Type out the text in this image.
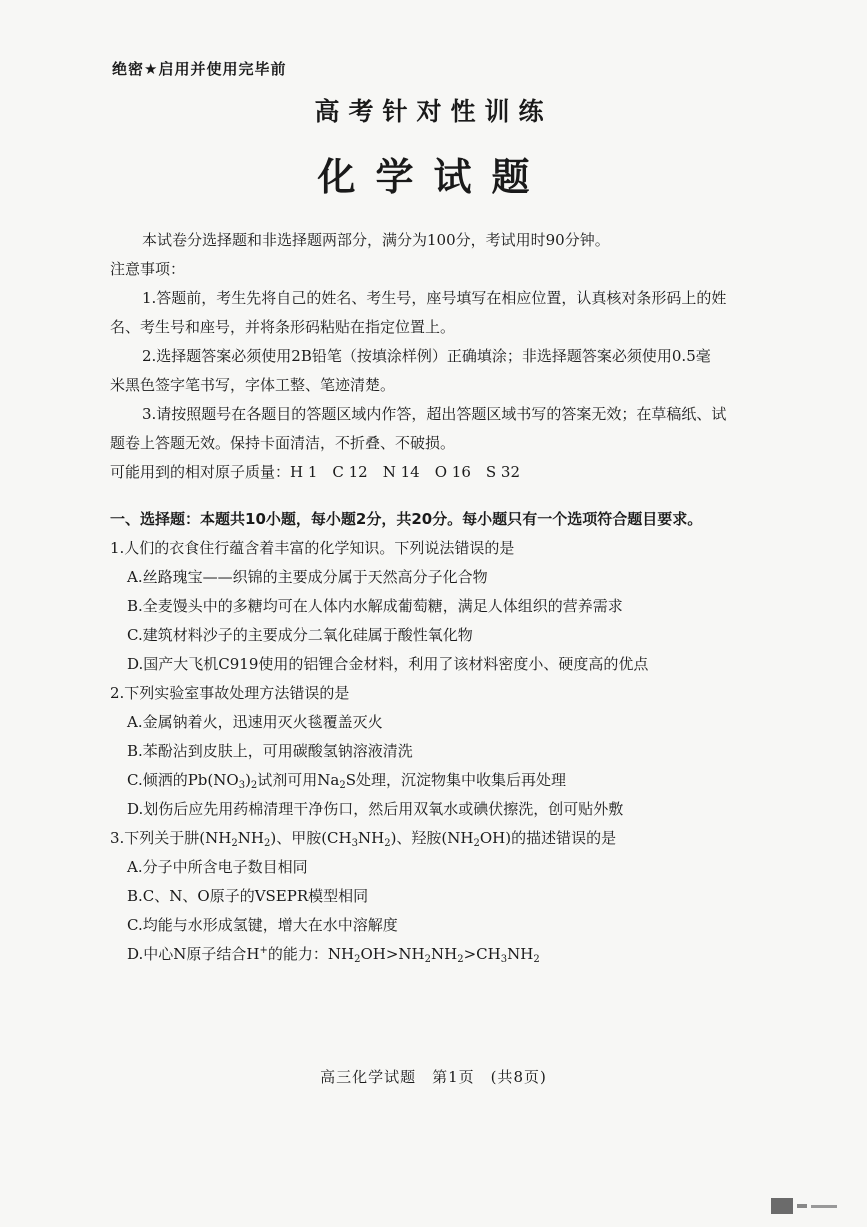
绝密★启用并使用完毕前
高考针对性训练
化学试题

本试卷分选择题和非选择题两部分，满分为100分，考试用时90分钟。

注意事项：

1.答题前，考生先将自己的姓名、考生号，座号填写在相应位置，认真核对条形码上的姓

名、考生号和座号，并将条形码粘贴在指定位置上。

2.选择题答案必须使用2B铅笔（按填涂样例）正确填涂；非选择题答案必须使用0.5毫

米黑色签字笔书写，字体工整、笔迹清楚。

3.请按照题号在各题目的答题区域内作答，超出答题区域书写的答案无效；在草稿纸、试

题卷上答题无效。保持卡面清洁，不折叠、不破损。

可能用到的相对原子质量：H 1　C 12　N 14　O 16　S 32

一、选择题：本题共10小题，每小题2分，共20分。每小题只有一个选项符合题目要求。

1.人们的衣食住行蕴含着丰富的化学知识。下列说法错误的是

A.丝路瑰宝——织锦的主要成分属于天然高分子化合物

B.全麦馒头中的多糖均可在人体内水解成葡萄糖，满足人体组织的营养需求

C.建筑材料沙子的主要成分二氧化硅属于酸性氧化物

D.国产大飞机C919使用的铝锂合金材料，利用了该材料密度小、硬度高的优点

2.下列实验室事故处理方法错误的是

A.金属钠着火，迅速用灭火毯覆盖灭火

B.苯酚沾到皮肤上，可用碳酸氢钠溶液清洗

C.倾洒的$Pb(NO_3)_2$试剂可用$Na_2S$处理，沉淀物集中收集后再处理

D.划伤后应先用药棉清理干净伤口，然后用双氧水或碘伏擦洗，创可贴外敷

3.下列关于肼$(NH_2NH_2)$、甲胺$(CH_3NH_2)$、羟胺$(NH_2OH)$的描述错误的是

A.分子中所含电子数目相同

B.C、N、O原子的VSEPR模型相同

C.均能与水形成氢键，增大在水中溶解度

D.中心N原子结合H+的能力：$NH_2OH>NH_2NH_2>CH_3NH_2$

高三化学试题　第1页　(共8页)
